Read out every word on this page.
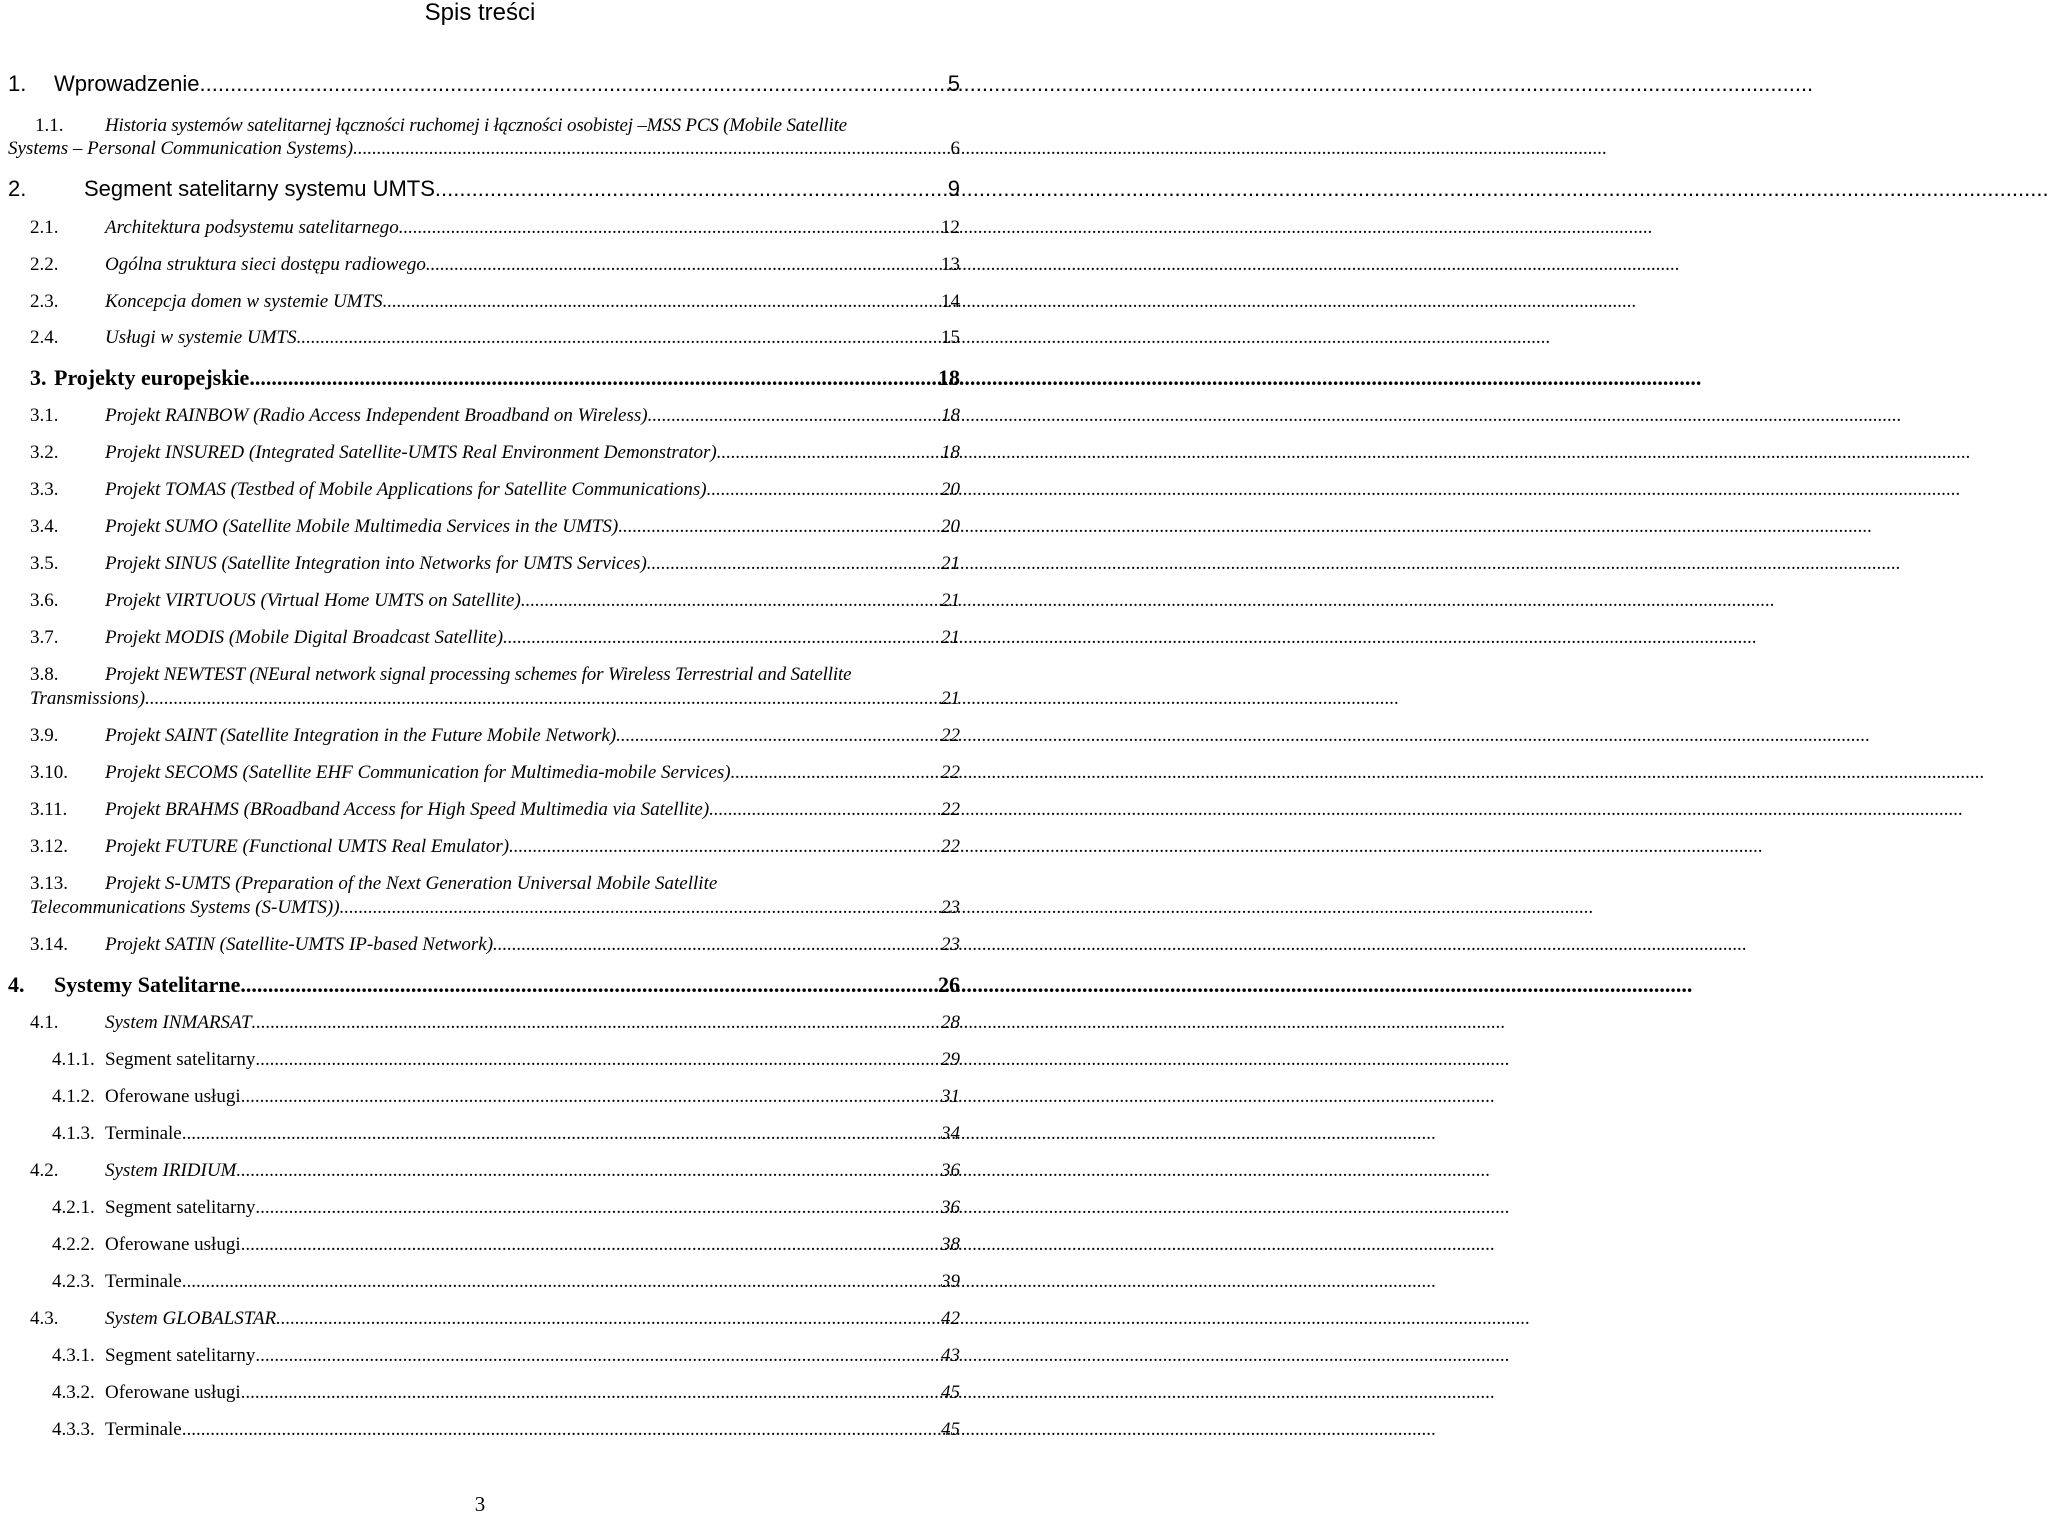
Spis treści
1.	Wprowadzenie .....	5
1.1. Historia systemów satelitarnej łączności ruchomej i łączności osobistej –MSS PCS (Mobile Satellite
Systems – Personal Communication Systems) .....	6
2.	Segment satelitarny systemu UMTS .....	9
2.1.	Architektura podsystemu satelitarnego .....	12
2.2.	Ogólna struktura sieci dostępu radiowego .....	13
2.3.	Koncepcja domen w systemie UMTS .....	14
2.4.	Usługi w systemie UMTS .....	15
3. Projekty europejskie .....	18
3.1.	Projekt RAINBOW (Radio Access Independent Broadband on Wireless) .....	18
3.2.	Projekt INSURED (Integrated Satellite-UMTS Real Environment Demonstrator) .....	18
3.3.	Projekt TOMAS (Testbed of Mobile Applications for Satellite Communications) .....	20
3.4.	Projekt SUMO (Satellite Mobile Multimedia Services in the UMTS) .....	20
3.5.	Projekt SINUS (Satellite Integration into Networks for UMTS Services) .....	21
3.6.	Projekt VIRTUOUS (Virtual Home UMTS on Satellite) .....	21
3.7.	Projekt MODIS (Mobile Digital Broadcast Satellite) .....	21
3.8. Projekt NEWTEST (NEural network signal processing schemes for Wireless Terrestrial and Satellite
Transmissions) .....	21
3.9.	Projekt SAINT (Satellite Integration in the Future Mobile Network) .....	22
3.10.	Projekt SECOMS (Satellite EHF Communication for Multimedia-mobile Services) .....	22
3.11.	Projekt BRAHMS (BRoadband Access for High Speed Multimedia via Satellite) .....	22
3.12.	Projekt FUTURE (Functional UMTS Real Emulator) .....	22
3.13. Projekt S-UMTS (Preparation of the Next Generation Universal Mobile Satellite
Telecommunications Systems (S-UMTS)) .....	23
3.14.	Projekt SATIN (Satellite-UMTS IP-based Network) .....	23
4.	Systemy Satelitarne .....	26
4.1.	System INMARSAT .....	28
4.1.1. Segment satelitarny .....	29
4.1.2. Oferowane usługi .....	31
4.1.3. Terminale .....	34
4.2.	System IRIDIUM .....	36
4.2.1. Segment satelitarny .....	36
4.2.2. Oferowane usługi .....	38
4.2.3. Terminale .....	39
4.3.	System GLOBALSTAR .....	42
4.3.1. Segment satelitarny .....	43
4.3.2. Oferowane usługi .....	45
4.3.3. Terminale .....	45
3
